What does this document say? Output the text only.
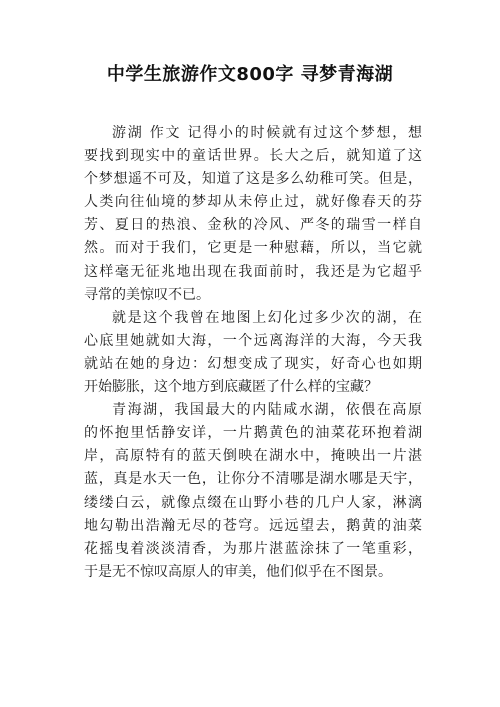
中学生旅游作文800字 寻梦青海湖
游湖 作文 记得小的时候就有过这个梦想，想
要找到现实中的童话世界。长大之后，就知道了这
个梦想遥不可及，知道了这是多么幼稚可笑。但是，
人类向往仙境的梦却从未停止过，就好像春天的芬
芳、夏日的热浪、金秋的冷风、严冬的瑞雪一样自
然。而对于我们，它更是一种慰藉，所以，当它就
这样毫无征兆地出现在我面前时，我还是为它超乎
寻常的美惊叹不已。
就是这个我曾在地图上幻化过多少次的湖，在
心底里她就如大海，一个远离海洋的大海，今天我
就站在她的身边：幻想变成了现实，好奇心也如期
开始膨胀，这个地方到底藏匿了什么样的宝藏？
青海湖，我国最大的内陆咸水湖，依偎在高原
的怀抱里恬静安详，一片鹅黄色的油菜花环抱着湖
岸，高原特有的蓝天倒映在湖水中，掩映出一片湛
蓝，真是水天一色，让你分不清哪是湖水哪是天宇，
缕缕白云，就像点缀在山野小巷的几户人家，淋漓
地勾勒出浩瀚无尽的苍穹。远远望去，鹅黄的油菜
花摇曳着淡淡清香，为那片湛蓝涂抹了一笔重彩，
于是无不惊叹高原人的审美，他们似乎在不图景。
